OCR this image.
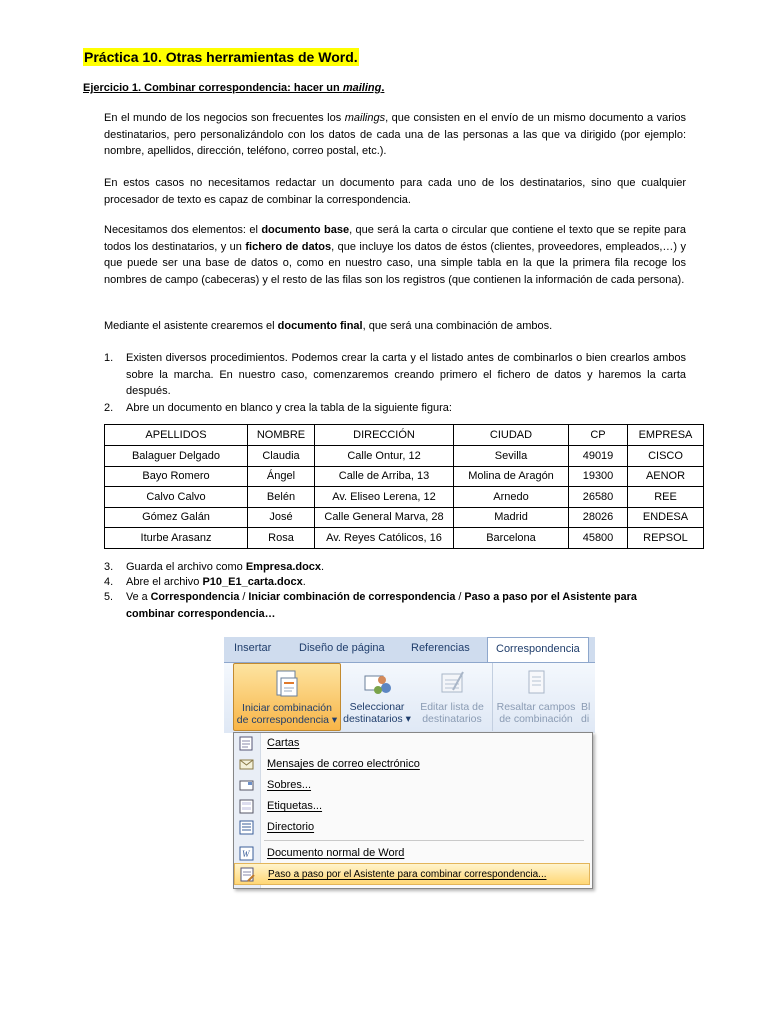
Práctica 10. Otras herramientas de Word.
Ejercicio 1. Combinar correspondencia: hacer un mailing.

En el mundo de los negocios son frecuentes los mailings, que consisten en el envío de un mismo documento a varios destinatarios, pero personalizándolo con los datos de cada una de las personas a las que va dirigido (por ejemplo: nombre, apellidos, dirección, teléfono, correo postal, etc.).

En estos casos no necesitamos redactar un documento para cada uno de los destinatarios, sino que cualquier procesador de texto es capaz de combinar la correspondencia.

Necesitamos dos elementos: el documento base, que será la carta o circular que contiene el texto que se repite para todos los destinatarios, y un fichero de datos, que incluye los datos de éstos (clientes, proveedores, empleados,…) y que puede ser una base de datos o, como en nuestro caso, una simple tabla en la que la primera fila recoge los nombres de campo (cabeceras) y el resto de las filas son los registros (que contienen la información de cada persona).

Mediante el asistente crearemos el documento final, que será una combinación de ambos.

1. Existen diversos procedimientos. Podemos crear la carta y el listado antes de combinarlos o bien crearlos ambos sobre la marcha. En nuestro caso, comenzaremos creando primero el fichero de datos y haremos la carta después.
2. Abre un documento en blanco y crea la tabla de la siguiente figura:
APELLIDOS	NOMBRE	DIRECCIÓN	CIUDAD	CP	EMPRESA
Balaguer Delgado	Claudia	Calle Ontur, 12	Sevilla	49019	CISCO
Bayo Romero	Ángel	Calle de Arriba, 13	Molina de Aragón	19300	AENOR
Calvo Calvo	Belén	Av. Eliseo Lerena, 12	Arnedo	26580	REE
Gómez Galán	José	Calle General Marva, 28	Madrid	28026	ENDESA
Iturbe Arasanz	Rosa	Av. Reyes Católicos, 16	Barcelona	45800	REPSOL
3. Guarda el archivo como Empresa.docx.
4. Abre el archivo P10_E1_carta.docx.
5. Ve a Correspondencia / Iniciar combinación de correspondencia / Paso a paso por el Asistente para combinar correspondencia…
Insertar	Diseño de página Referencias	Correspondencia
Iniciar combinación
de correspondencia ▾
Seleccionar
destinatarios ▾
Editar lista de
destinatarios
Resaltar campos
de combinación
Bl
di
Cartas
Mensajes de correo electrónico
Sobres...
Etiquetas...
Directorio
W Documento normal de Word
Paso a paso por el Asistente para combinar correspondencia...
